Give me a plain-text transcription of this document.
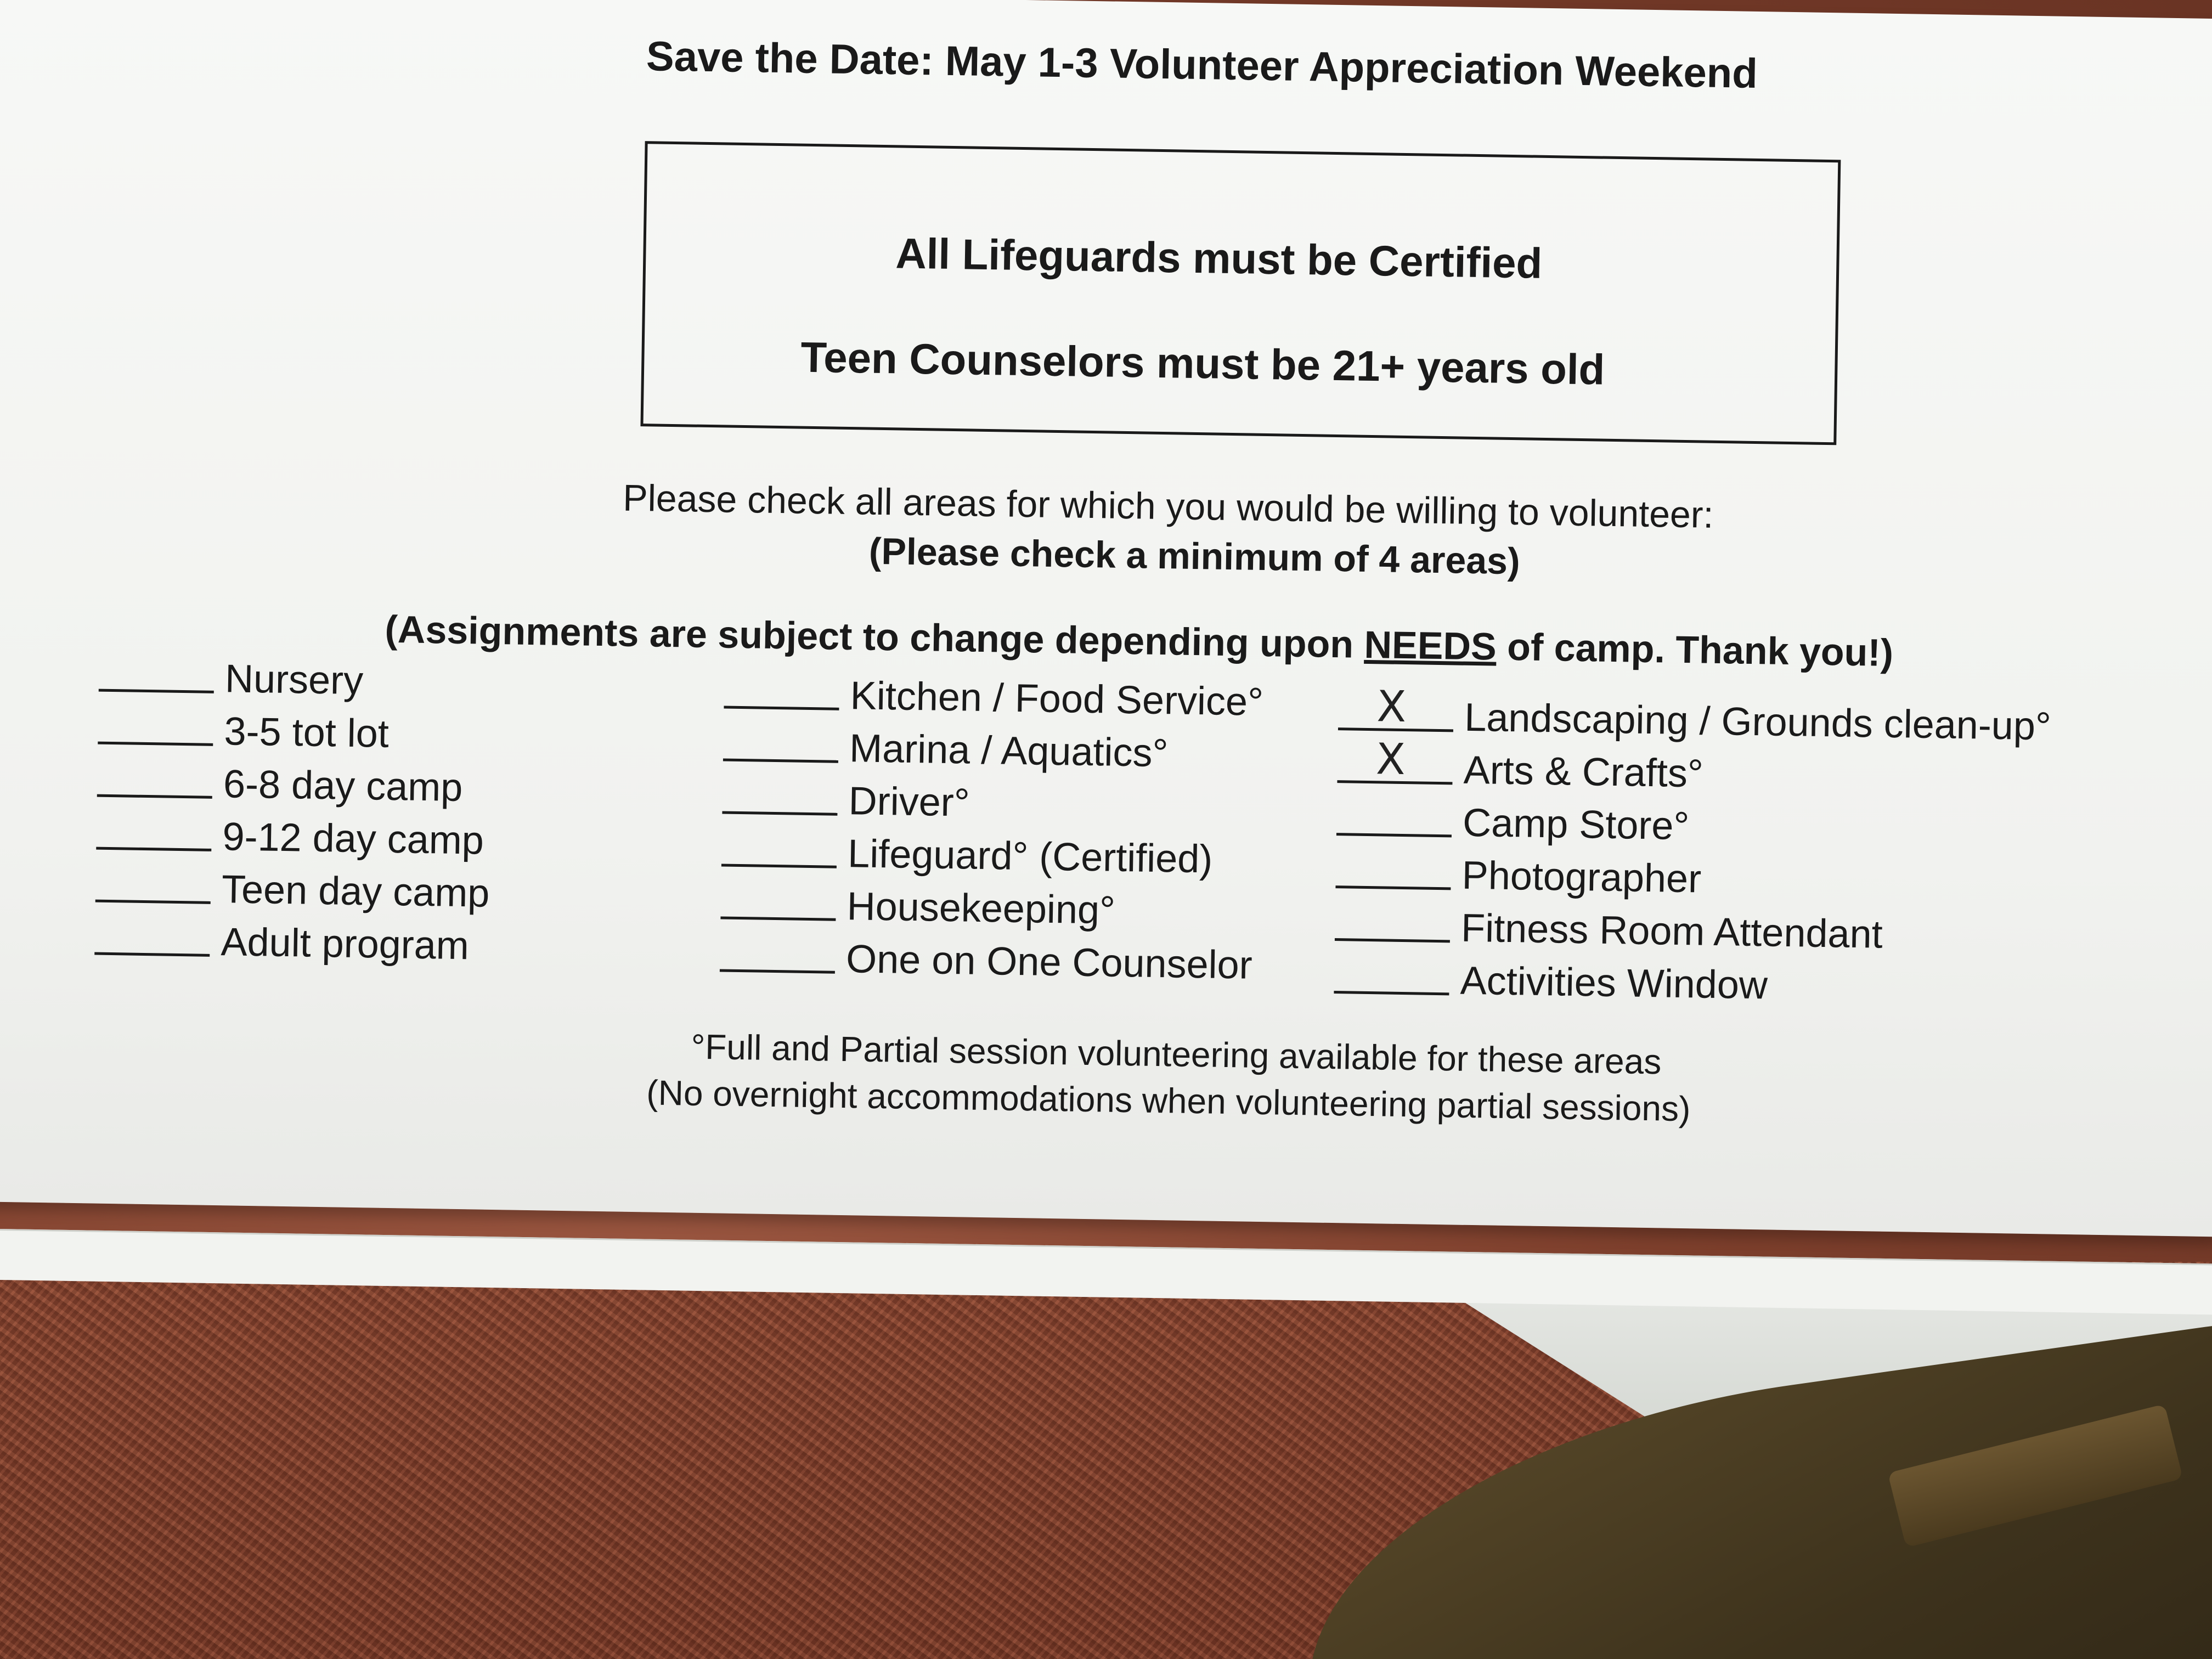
Save the Date: May 1-3 Volunteer Appreciation Weekend
All Lifeguards must be Certified
Teen Counselors must be 21+ years old
Please check all areas for which you would be willing to volunteer:
(Please check a minimum of 4 areas)
(Assignments are subject to change depending upon NEEDS of camp. Thank you!)
Nursery
3-5 tot lot
6-8 day camp
9-12 day camp
Teen day camp
Adult program
Kitchen / Food Service°
Marina / Aquatics°
Driver°
Lifeguard° (Certified)
Housekeeping°
One on One Counselor
X Landscaping / Grounds clean-up°
X Arts & Crafts°
Camp Store°
Photographer
Fitness Room Attendant
Activities Window
°Full and Partial session volunteering available for these areas
(No overnight accommodations when volunteering partial sessions)
